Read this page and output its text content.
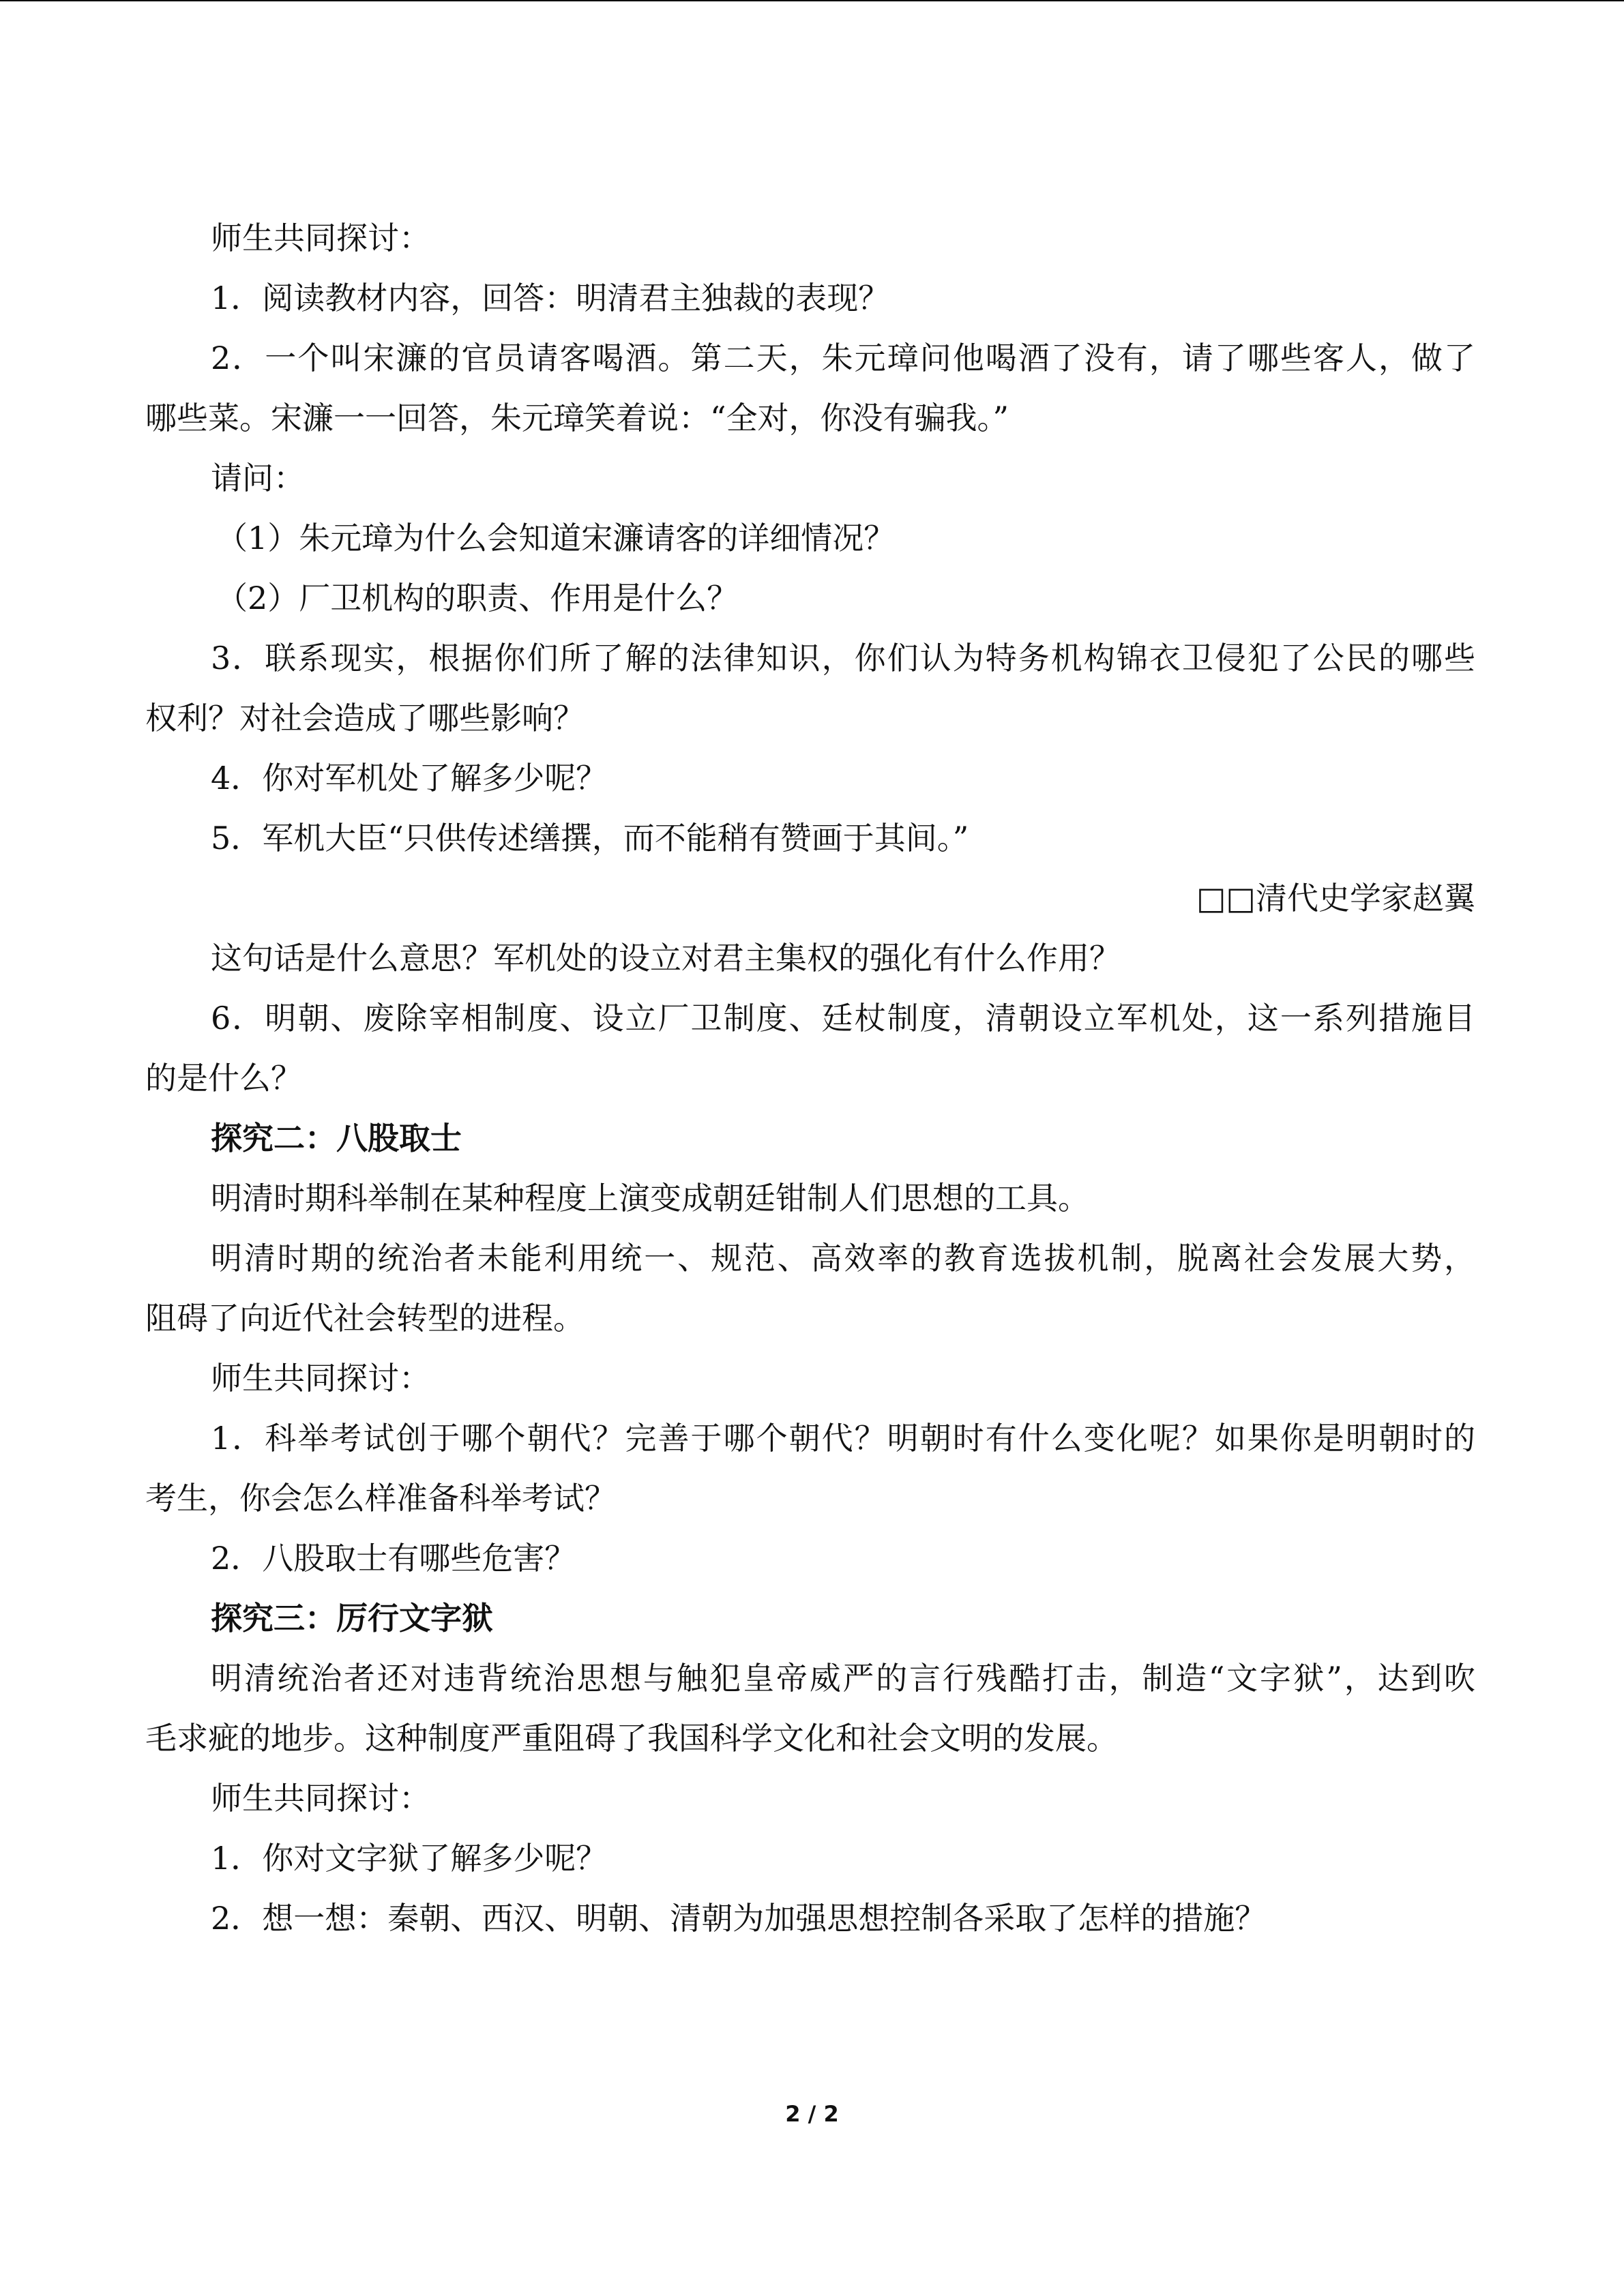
师生共同探讨：

1．阅读教材内容，回答：明清君主独裁的表现？

2．一个叫宋濂的官员请客喝酒。第二天，朱元璋问他喝酒了没有，请了哪些客人，做了

哪些菜。宋濂一一回答，朱元璋笑着说：“全对，你没有骗我。”

请问：

（1）朱元璋为什么会知道宋濂请客的详细情况？

（2）厂卫机构的职责、作用是什么？

3．联系现实，根据你们所了解的法律知识，你们认为特务机构锦衣卫侵犯了公民的哪些

权利？对社会造成了哪些影响？

4．你对军机处了解多少呢？

5．军机大臣“只供传述缮撰，而不能稍有赞画于其间。”

□□清代史学家赵翼

这句话是什么意思？军机处的设立对君主集权的强化有什么作用？

6．明朝、废除宰相制度、设立厂卫制度、廷杖制度，清朝设立军机处，这一系列措施目

的是什么？

探究二：八股取士

明清时期科举制在某种程度上演变成朝廷钳制人们思想的工具。

明清时期的统治者未能利用统一、规范、高效率的教育选拔机制，脱离社会发展大势，

阻碍了向近代社会转型的进程。

师生共同探讨：

1．科举考试创于哪个朝代？完善于哪个朝代？明朝时有什么变化呢？如果你是明朝时的

考生，你会怎么样准备科举考试？

2．八股取士有哪些危害？

探究三：厉行文字狱

明清统治者还对违背统治思想与触犯皇帝威严的言行残酷打击，制造“文字狱”，达到吹

毛求疵的地步。这种制度严重阻碍了我国科学文化和社会文明的发展。

师生共同探讨：

1．你对文字狱了解多少呢？

2．想一想：秦朝、西汉、明朝、清朝为加强思想控制各采取了怎样的措施？

2 / 2
